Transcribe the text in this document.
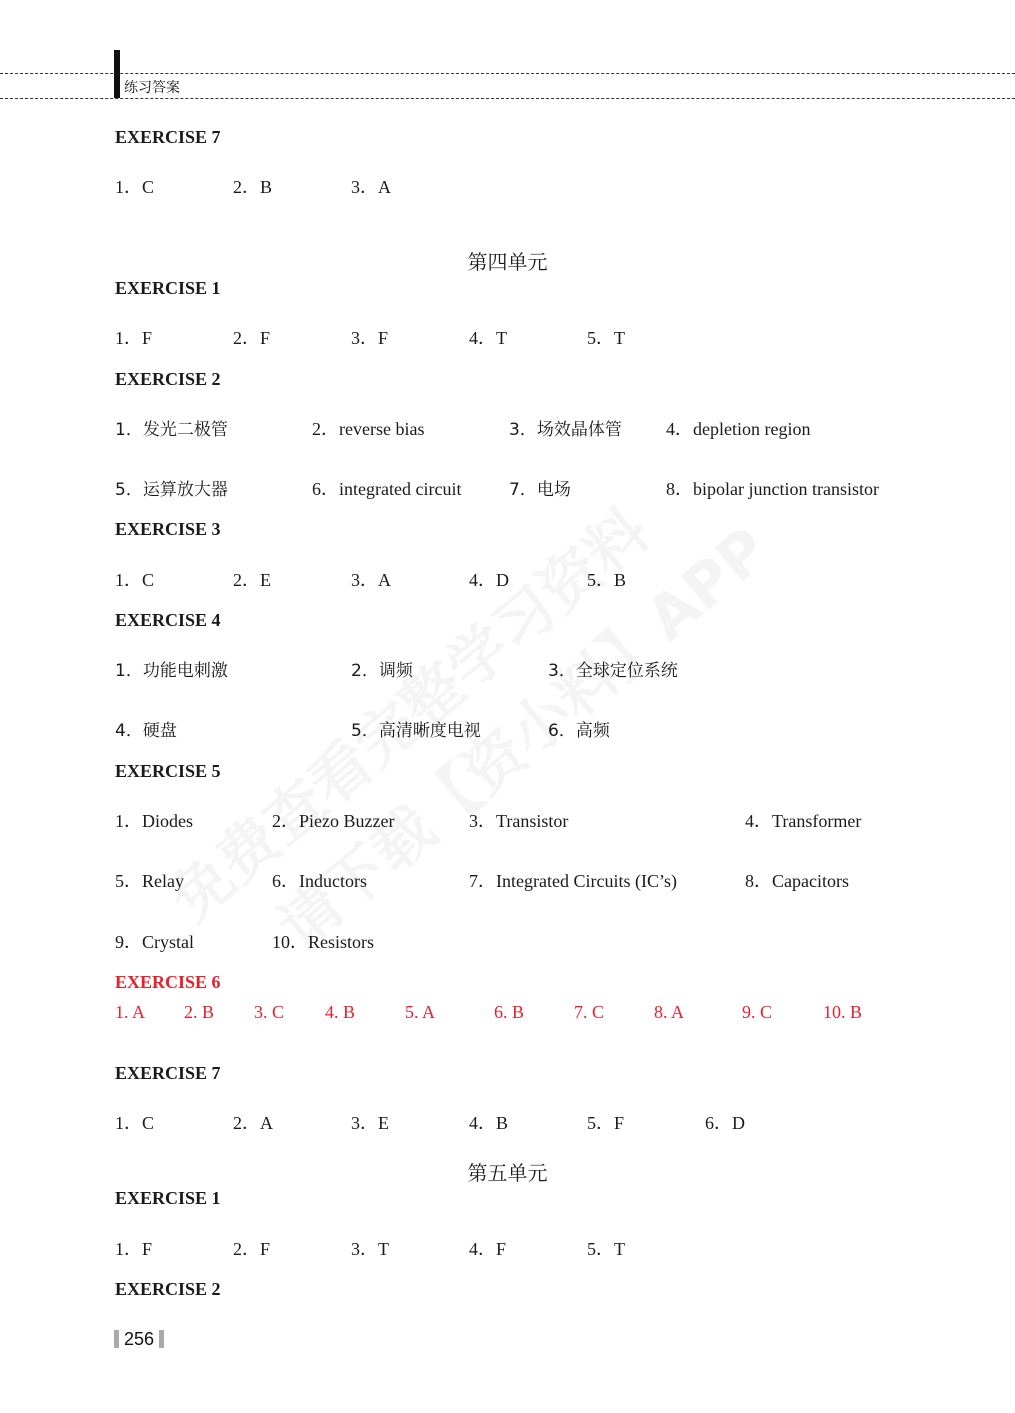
练习答案
EXERCISE 7
1．C	2．B	3．A
第四单元
EXERCISE 1
1．F	2．F	3．F	4．T	5．T
EXERCISE 2
1．发光二极管	2．reverse bias	3．场效晶体管 4．depletion region
5．运算放大器	6．integrated circuit	7．电场	8．bipolar junction transistor
EXERCISE 3
1．C	2．E	3．A	4．D	5．B
EXERCISE 4
1．功能电刺激	2．调频	3．全球定位系统
4．硬盘	5．高清晰度电视	6．高频
EXERCISE 5
1．Diodes	2．Piezo Buzzer	3．Transistor	4．Transformer
5．Relay	6．Inductors	7．Integrated Circuits (IC’s)	8．Capacitors
9．Crystal	10．Resistors
EXERCISE 6
1. A 2. B 3. C 4. B	5. A	6. B	7. C	8. A	9. C	10. B
EXERCISE 7
1．C	2．A	3．E	4．B	5．F	6．D
第五单元
EXERCISE 1
1．F	2．F	3．T	4．F	5．T
EXERCISE 2
256
